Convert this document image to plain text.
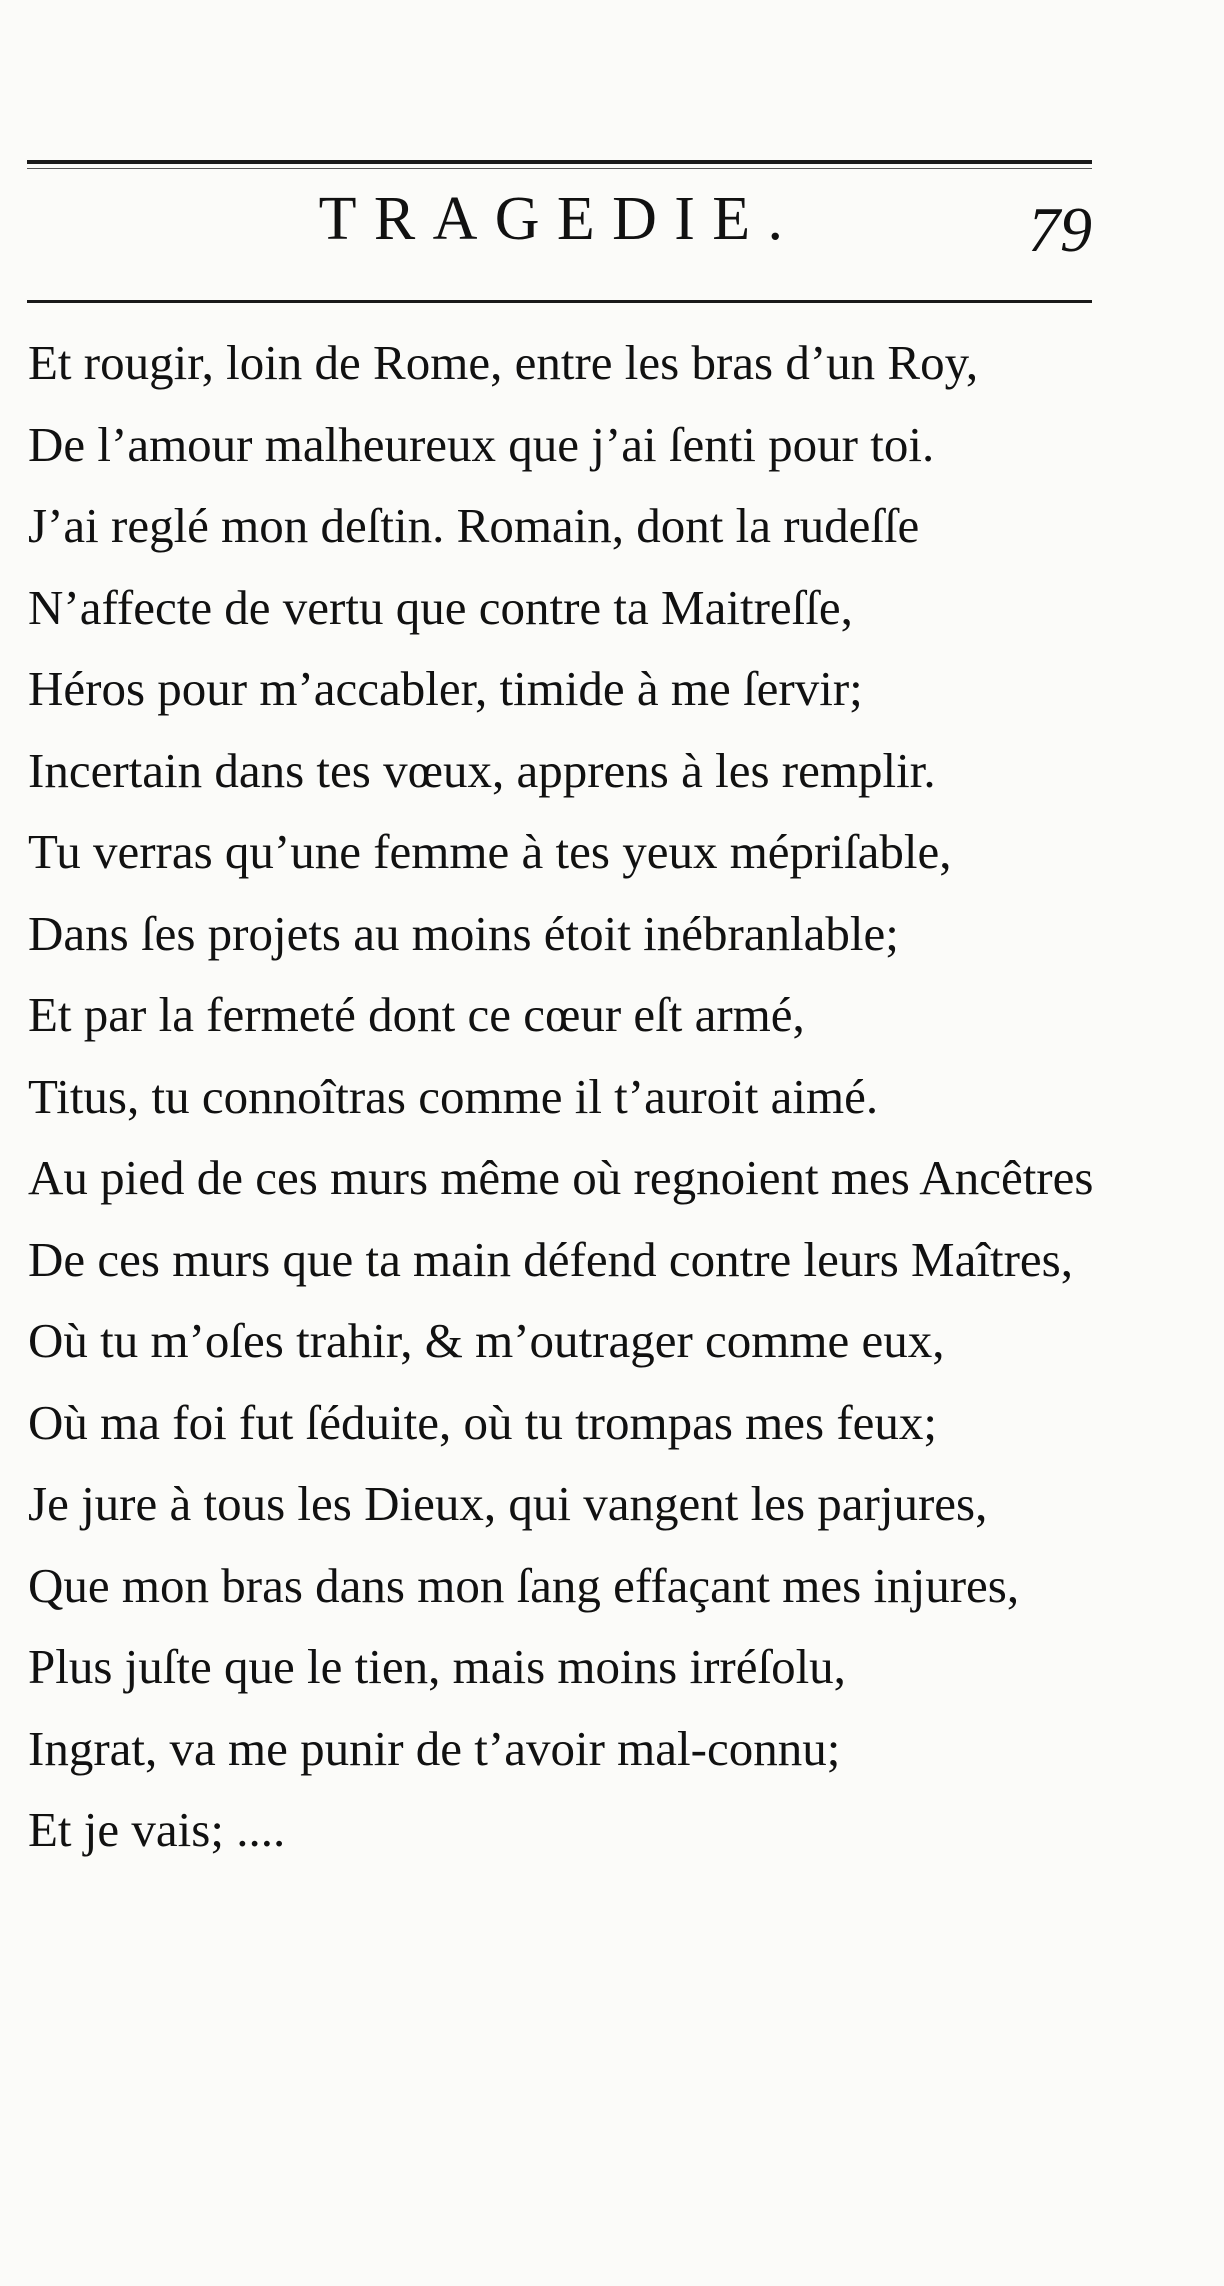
TRAGEDIE.	79
Et rougir, loin de Rome, entre les bras d’un Roy,
De l’amour malheureux que j’ai ſenti pour toi.
J’ai reglé mon deſtin. Romain, dont la rudeſſe
N’affecte de vertu que contre ta Maitreſſe,
Héros pour m’accabler, timide à me ſervir;
Incertain dans tes vœux, apprens à les remplir.
Tu verras qu’une femme à tes yeux mépriſable,
Dans ſes projets au moins étoit inébranlable;
Et par la fermeté dont ce cœur eſt armé,
Titus, tu connoîtras comme il t’auroit aimé.
Au pied de ces murs même où regnoient mes Ancêtres
De ces murs que ta main défend contre leurs Maîtres,
Où tu m’oſes trahir, & m’outrager comme eux,
Où ma foi fut ſéduite, où tu trompas mes feux;
Je jure à tous les Dieux, qui vangent les parjures,
Que mon bras dans mon ſang effaçant mes injures,
Plus juſte que le tien, mais moins irréſolu,
Ingrat, va me punir de t’avoir mal-connu;
Et je vais; ....
